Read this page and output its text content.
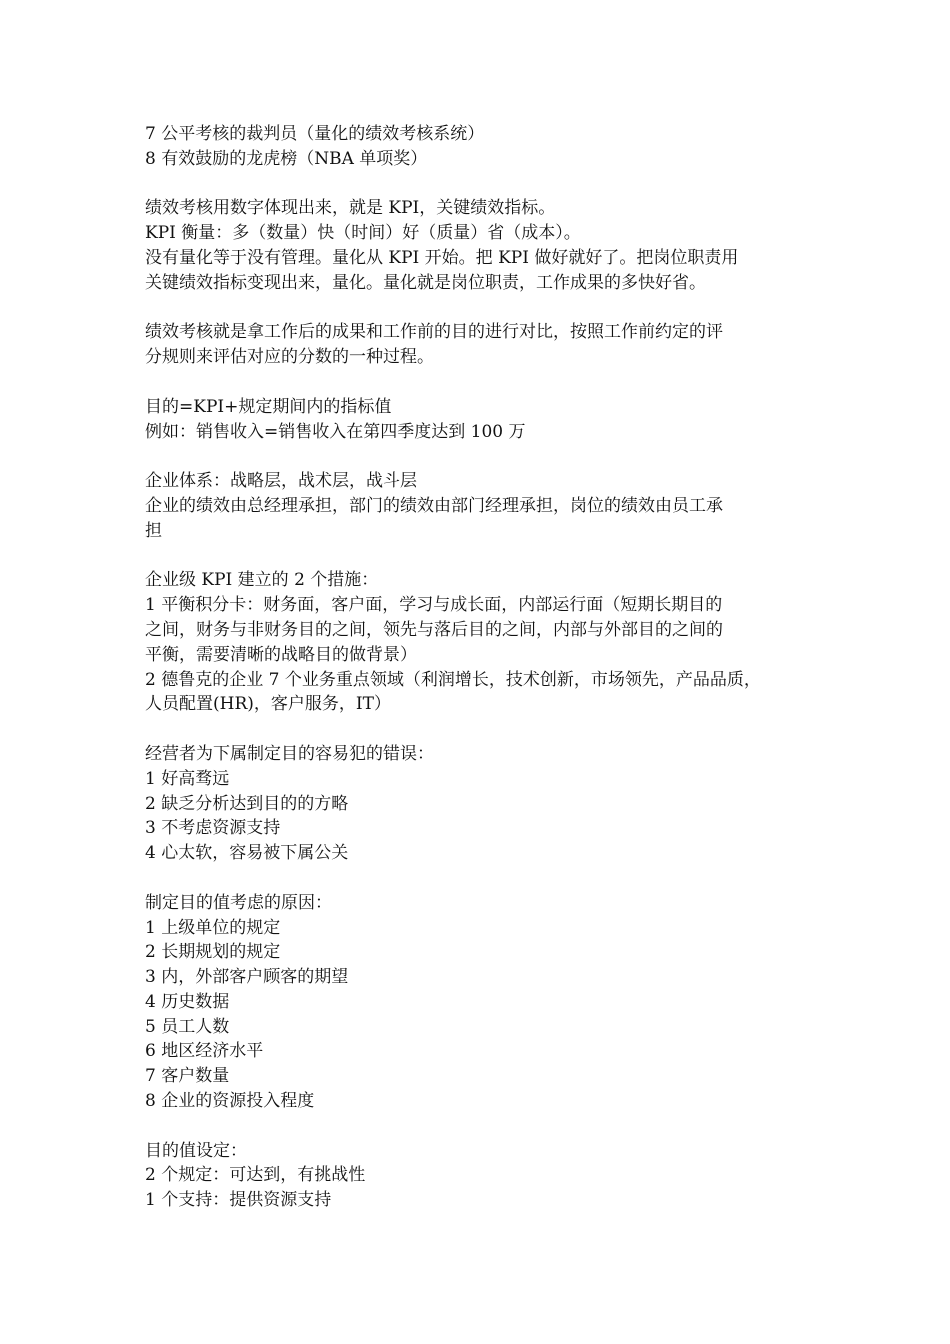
7 公平考核的裁判员（量化的绩效考核系统）
8 有效鼓励的龙虎榜（NBA 单项奖）
绩效考核用数字体现出来，就是 KPI，关键绩效指标。
KPI 衡量：多（数量）快（时间）好（质量）省（成本）。
没有量化等于没有管理。量化从 KPI 开始。把 KPI 做好就好了。把岗位职责用
关键绩效指标变现出来，量化。量化就是岗位职责，工作成果的多快好省。
绩效考核就是拿工作后的成果和工作前的目的进行对比，按照工作前约定的评
分规则来评估对应的分数的一种过程。
目的=KPI+规定期间内的指标值
例如：销售收入=销售收入在第四季度达到 100 万
企业体系：战略层，战术层，战斗层
企业的绩效由总经理承担，部门的绩效由部门经理承担，岗位的绩效由员工承
担
企业级 KPI 建立的 2 个措施：
1 平衡积分卡：财务面，客户面，学习与成长面，内部运行面（短期长期目的
之间，财务与非财务目的之间，领先与落后目的之间，内部与外部目的之间的
平衡，需要清晰的战略目的做背景）
2 德鲁克的企业 7 个业务重点领域（利润增长，技术创新，市场领先，产品品质，
人员配置(HR)，客户服务，IT）
经营者为下属制定目的容易犯的错误：
1 好高骛远
2 缺乏分析达到目的的方略
3 不考虑资源支持
4 心太软，容易被下属公关
制定目的值考虑的原因：
1 上级单位的规定
2 长期规划的规定
3 内，外部客户顾客的期望
4 历史数据
5 员工人数
6 地区经济水平
7 客户数量
8 企业的资源投入程度
目的值设定：
2 个规定：可达到，有挑战性
1 个支持：提供资源支持
